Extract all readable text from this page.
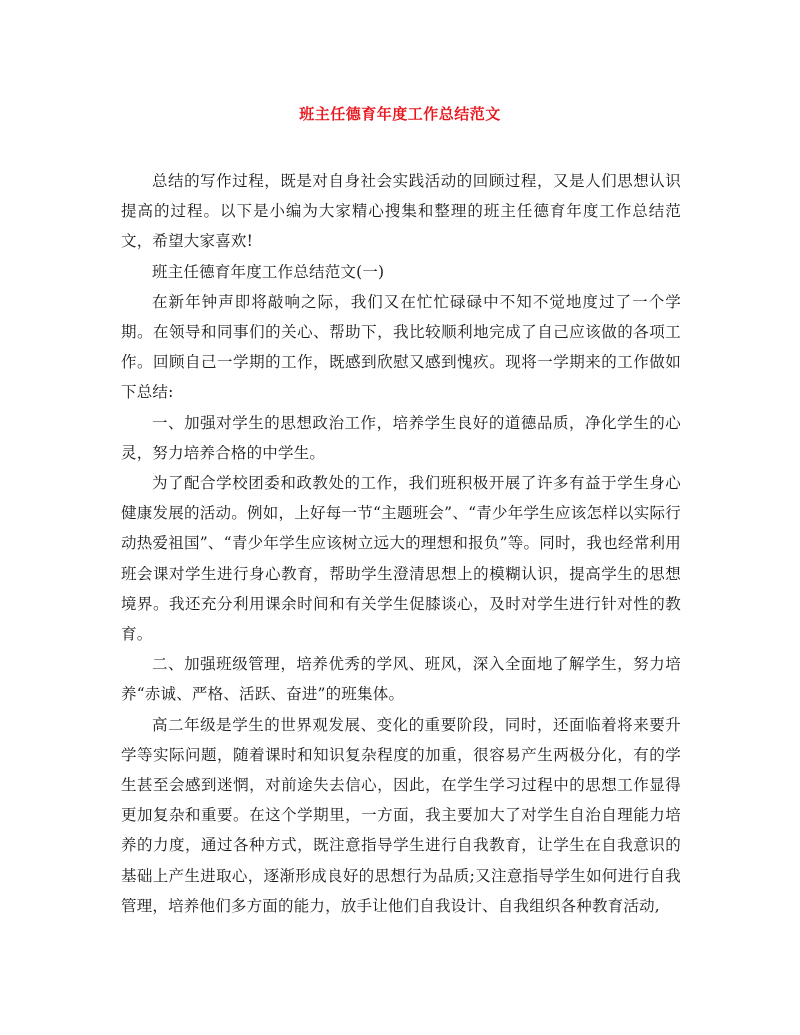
班主任德育年度工作总结范文

总结的写作过程，既是对自身社会实践活动的回顾过程，又是人们思想认识提高的过程。以下是小编为大家精心搜集和整理的班主任德育年度工作总结范文，希望大家喜欢!

班主任德育年度工作总结范文(一)

在新年钟声即将敲响之际，我们又在忙忙碌碌中不知不觉地度过了一个学期。在领导和同事们的关心、帮助下，我比较顺利地完成了自己应该做的各项工作。回顾自己一学期的工作，既感到欣慰又感到愧疚。现将一学期来的工作做如下总结:

一、加强对学生的思想政治工作，培养学生良好的道德品质，净化学生的心灵，努力培养合格的中学生。

为了配合学校团委和政教处的工作，我们班积极开展了许多有益于学生身心健康发展的活动。例如，上好每一节“主题班会”、“青少年学生应该怎样以实际行动热爱祖国”、“青少年学生应该树立远大的理想和报负”等。同时，我也经常利用班会课对学生进行身心教育，帮助学生澄清思想上的模糊认识，提高学生的思想境界。我还充分利用课余时间和有关学生促膝谈心，及时对学生进行针对性的教育。

二、加强班级管理，培养优秀的学风、班风，深入全面地了解学生，努力培养“赤诚、严格、活跃、奋进”的班集体。

高二年级是学生的世界观发展、变化的重要阶段，同时，还面临着将来要升学等实际问题，随着课时和知识复杂程度的加重，很容易产生两极分化，有的学生甚至会感到迷惘，对前途失去信心，因此，在学生学习过程中的思想工作显得更加复杂和重要。在这个学期里，一方面，我主要加大了对学生自治自理能力培养的力度，通过各种方式，既注意指导学生进行自我教育，让学生在自我意识的基础上产生进取心，逐渐形成良好的思想行为品质;又注意指导学生如何进行自我管理，培养他们多方面的能力，放手让他们自我设计、自我组织各种教育活动,
